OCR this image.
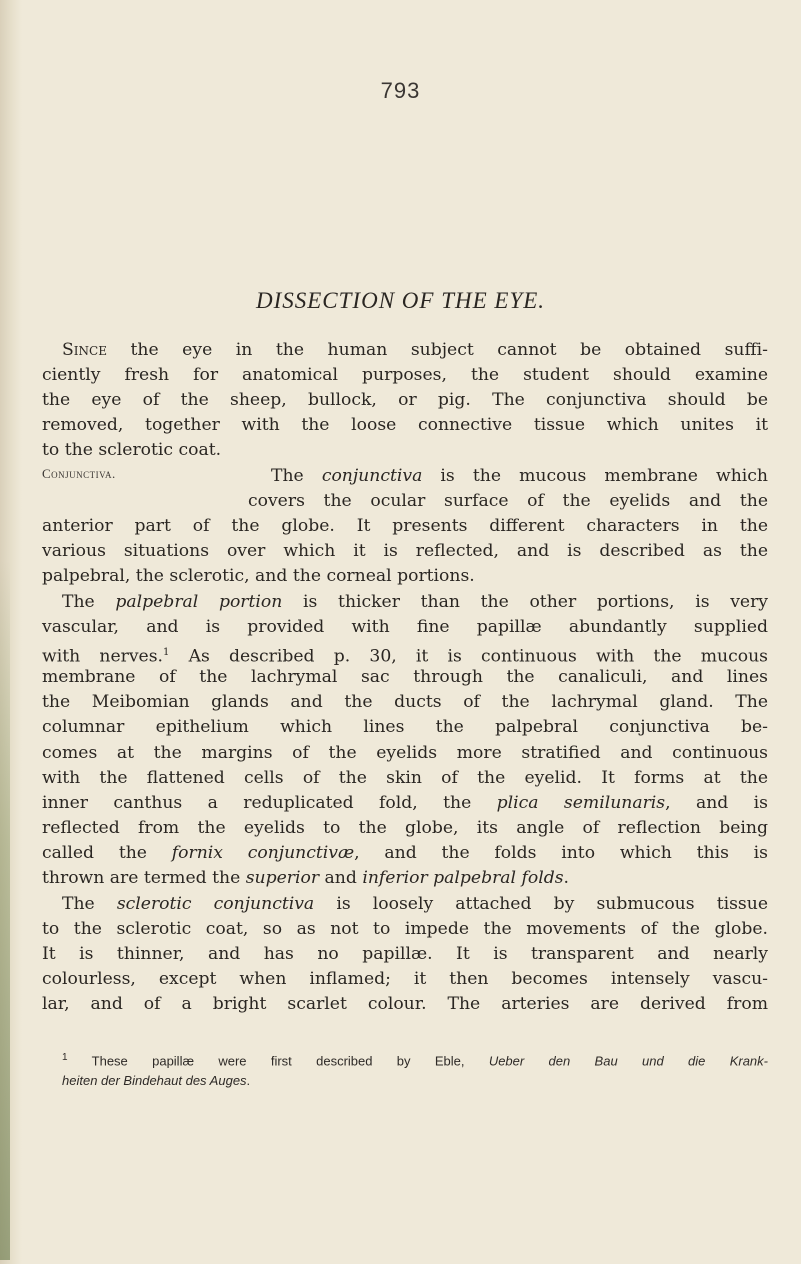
793
DISSECTION OF THE EYE.
Since the eye in the human subject cannot be obtained suffi-
ciently fresh for anatomical purposes, the student should examine
the eye of the sheep, bullock, or pig. The conjunctiva should be
removed, together with the loose connective tissue which unites it
to the sclerotic coat.
Conjunctiva.	The conjunctiva is the mucous membrane which
covers the ocular surface of the eyelids and the
anterior part of the globe. It presents different characters in the
various situations over which it is reflected, and is described as the
palpebral, the sclerotic, and the corneal portions.
The palpebral portion is thicker than the other portions, is very
vascular, and is provided with fine papillæ abundantly supplied
with nerves.$^1$ As described p. 30, it is continuous with the mucous
membrane of the lachrymal sac through the canaliculi, and lines
the Meibomian glands and the ducts of the lachrymal gland. The
columnar epithelium which lines the palpebral conjunctiva be-
comes at the margins of the eyelids more stratified and continuous
with the flattened cells of the skin of the eyelid. It forms at the
inner canthus a reduplicated fold, the plica semilunaris, and is
reflected from the eyelids to the globe, its angle of reflection being
called the fornix conjunctivæ, and the folds into which this is
thrown are termed the superior and inferior palpebral folds.
The sclerotic conjunctiva is loosely attached by submucous tissue
to the sclerotic coat, so as not to impede the movements of the globe.
It is thinner, and has no papillæ. It is transparent and nearly
colourless, except when inflamed; it then becomes intensely vascu-
lar, and of a bright scarlet colour. The arteries are derived from
$^1$ These papillæ were first described by Eble, Ueber den Bau und die Krank-
heiten der Bindehaut des Auges.
